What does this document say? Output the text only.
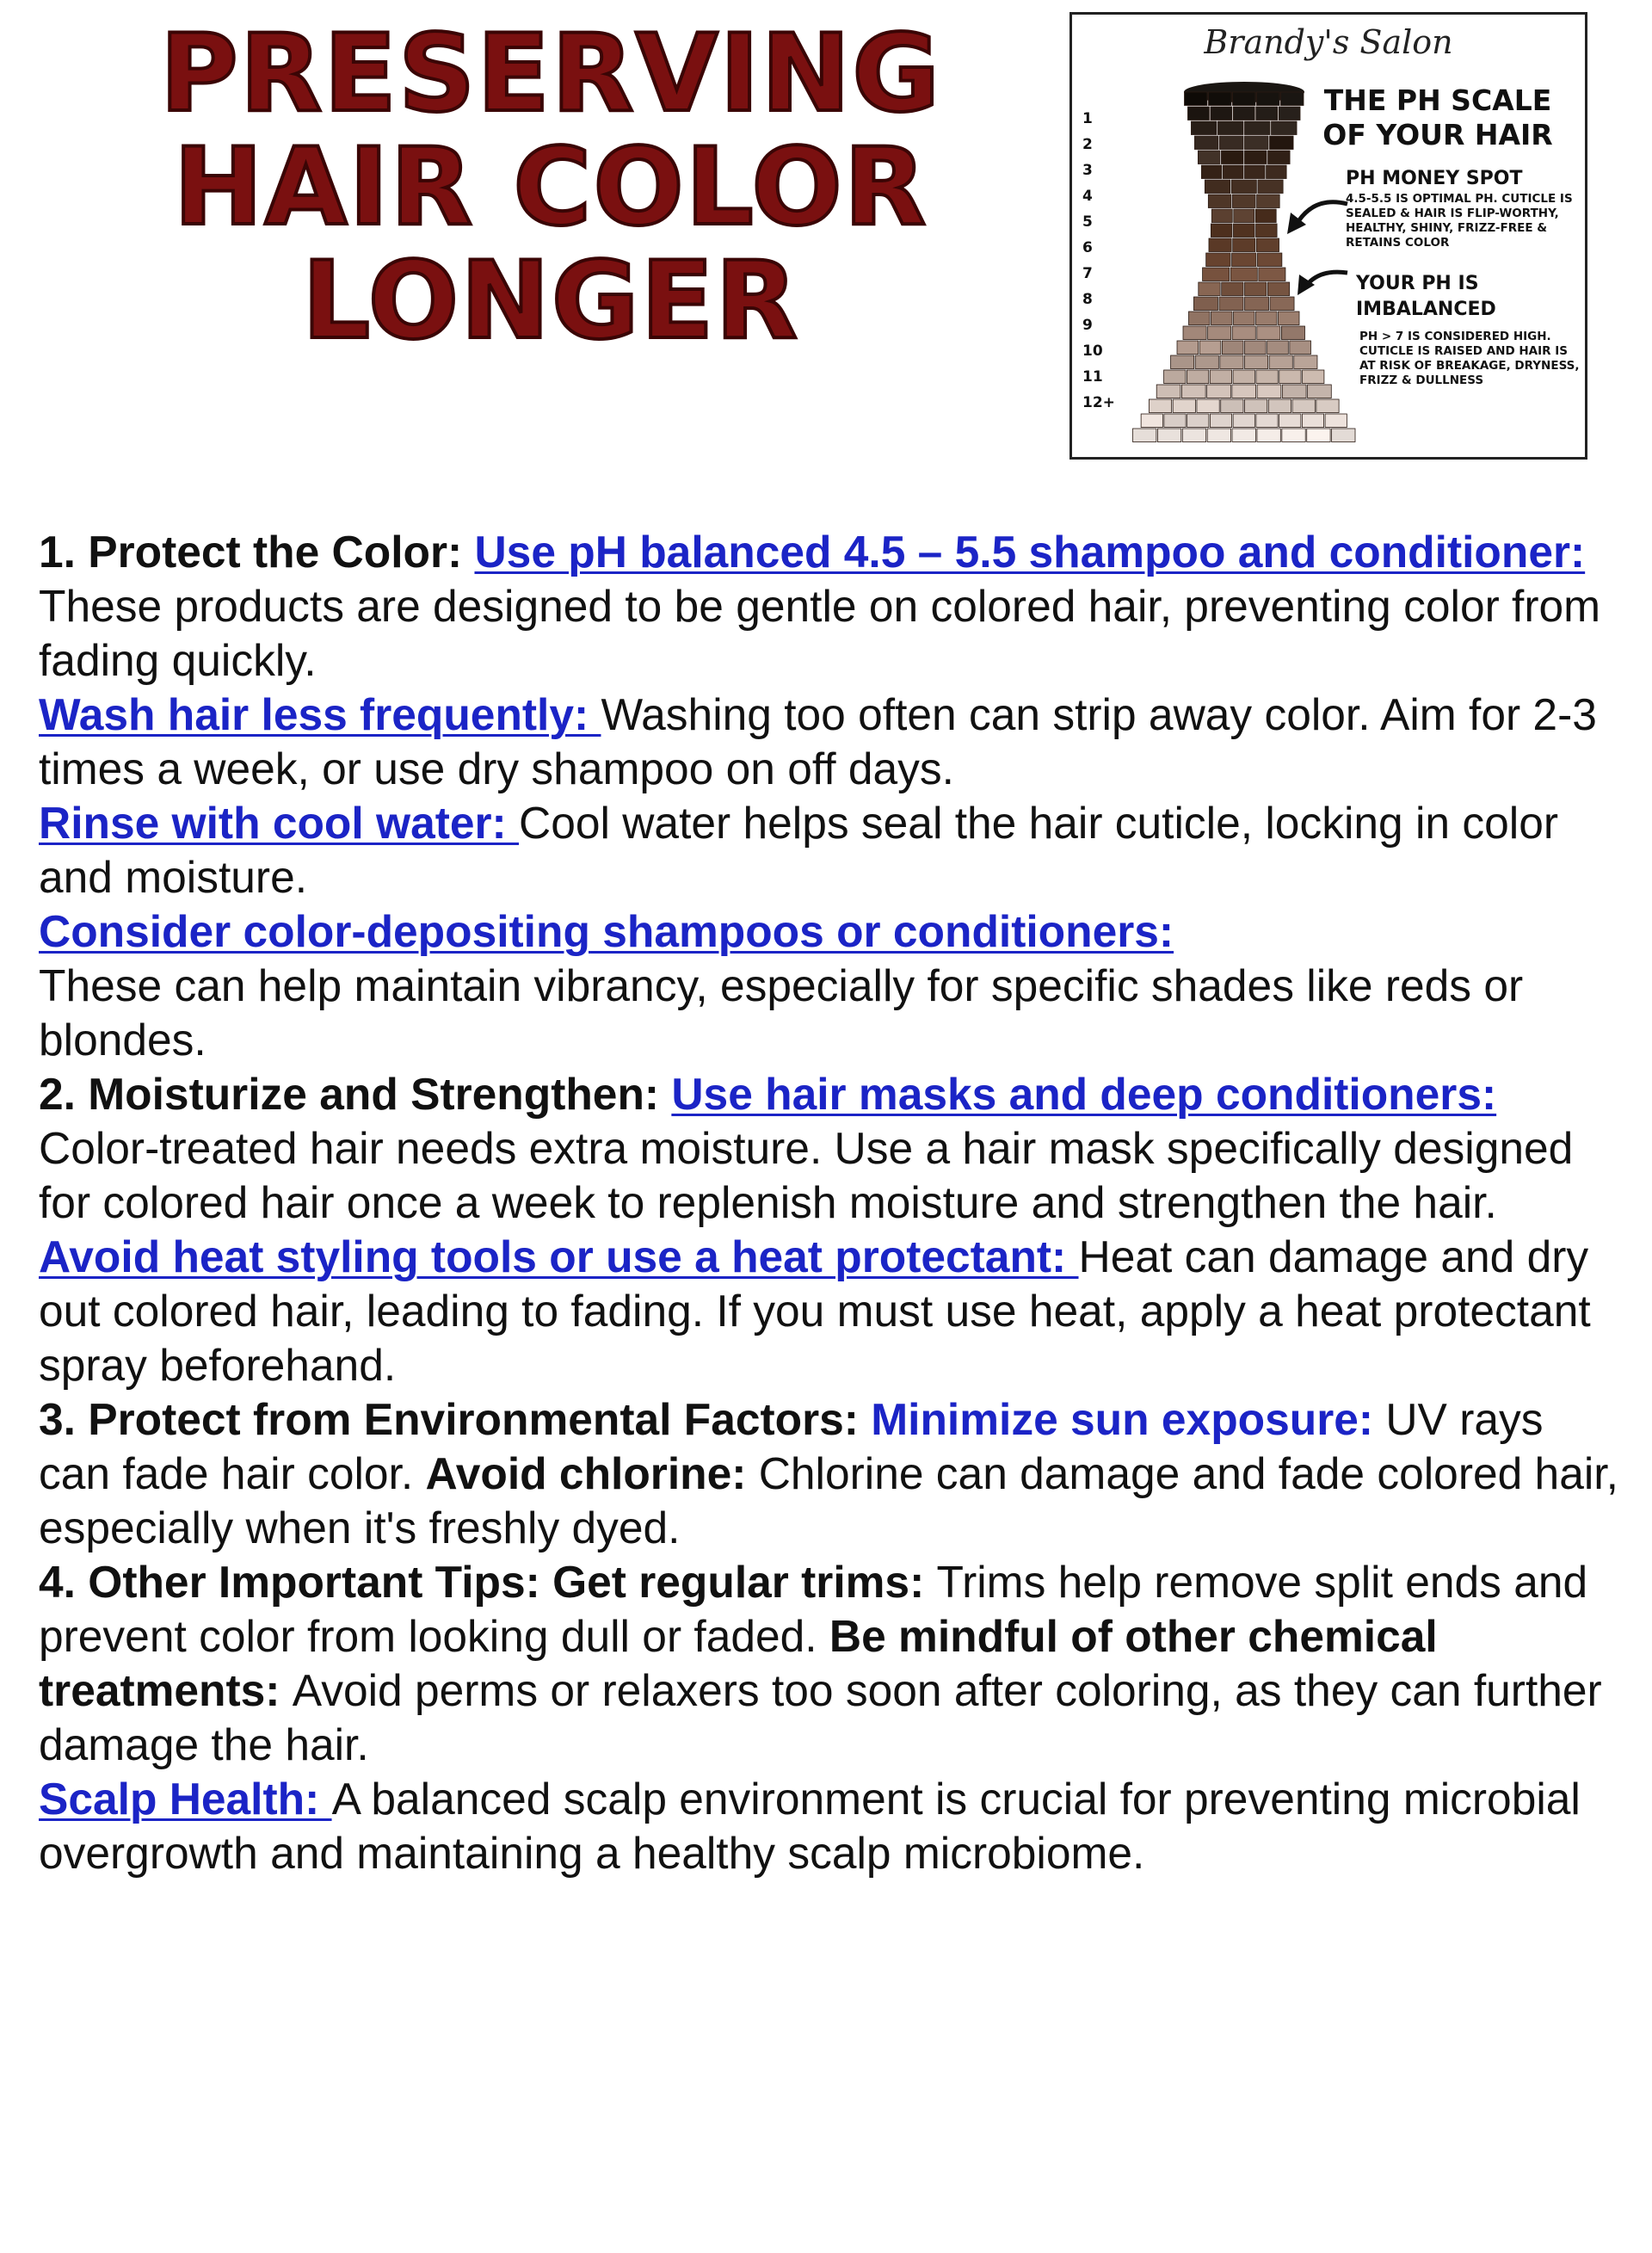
PRESERVING
HAIR COLOR
LONGER
Brandy's Salon
THE PH SCALE
OF YOUR HAIR
1
2
3
4
5
6
7
8
9
10
11
12+
PH MONEY SPOT
4.5-5.5 IS OPTIMAL PH. CUTICLE IS SEALED & HAIR IS FLIP-WORTHY, HEALTHY, SHINY, FRIZZ-FREE & RETAINS COLOR
YOUR PH IS
IMBALANCED
PH > 7 IS CONSIDERED HIGH. CUTICLE IS RAISED AND HAIR IS AT RISK OF BREAKAGE, DRYNESS, FRIZZ & DULLNESS

1. Protect the Color: Use pH balanced 4.5 – 5.5 shampoo and conditioner: These products are designed to be gentle on colored hair, preventing color from fading quickly.

Wash hair less frequently: Washing too often can strip away color. Aim for 2-3 times a week, or use dry shampoo on off days.

Rinse with cool water: Cool water helps seal the hair cuticle, locking in color and moisture.

Consider color-depositing shampoos or conditioners:
These can help maintain vibrancy, especially for specific shades like reds or blondes.

2. Moisturize and Strengthen: Use hair masks and deep conditioners: Color-treated hair needs extra moisture. Use a hair mask specifically designed for colored hair once a week to replenish moisture and strengthen the hair.

Avoid heat styling tools or use a heat protectant: Heat can damage and dry out colored hair, leading to fading. If you must use heat, apply a heat protectant spray beforehand.

3. Protect from Environmental Factors: Minimize sun exposure: UV rays can fade hair color. Avoid chlorine: Chlorine can damage and fade colored hair, especially when it's freshly dyed.

4. Other Important Tips: Get regular trims: Trims help remove split ends and prevent color from looking dull or faded. Be mindful of other chemical treatments: Avoid perms or relaxers too soon after coloring, as they can further damage the hair.

Scalp Health: A balanced scalp environment is crucial for preventing microbial overgrowth and maintaining a healthy scalp microbiome.
